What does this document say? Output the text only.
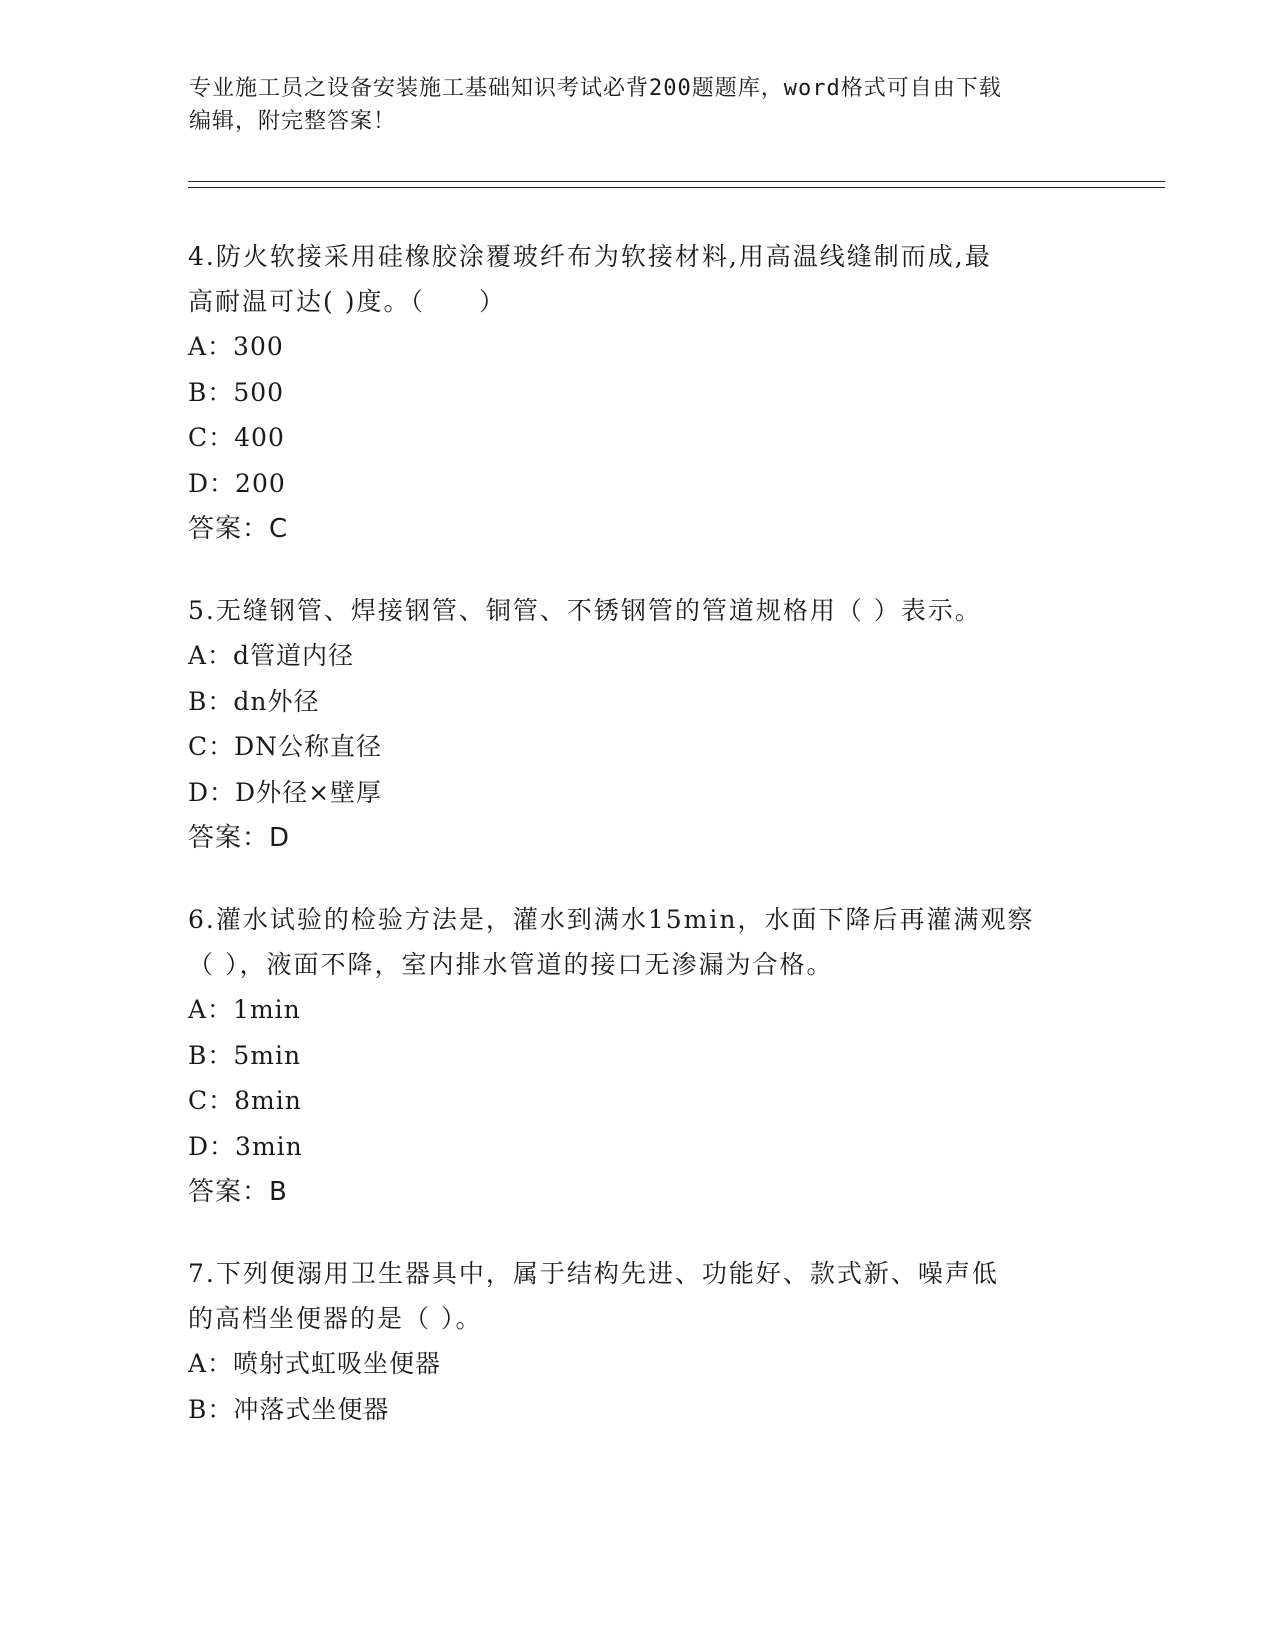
专业施工员之设备安装施工基础知识考试必背200题题库，word格式可自由下载
编辑，附完整答案！

4.防火软接采用硅橡胶涂覆玻纤布为软接材料,用高温线缝制而成,最

高耐温可达( )度。（　　）

A：300

B：500

C：400

D：200

答案：C

5.无缝钢管、焊接钢管、铜管、不锈钢管的管道规格用（ ）表示。

A：d管道内径

B：dn外径

C：DN公称直径

D：D外径×壁厚

答案：D

6.灌水试验的检验方法是，灌水到满水15min，水面下降后再灌满观察

（ ），液面不降，室内排水管道的接口无渗漏为合格。

A：1min

B：5min

C：8min

D：3min

答案：B

7.下列便溺用卫生器具中，属于结构先进、功能好、款式新、噪声低

的高档坐便器的是（ ）。

A：喷射式虹吸坐便器

B：冲落式坐便器
